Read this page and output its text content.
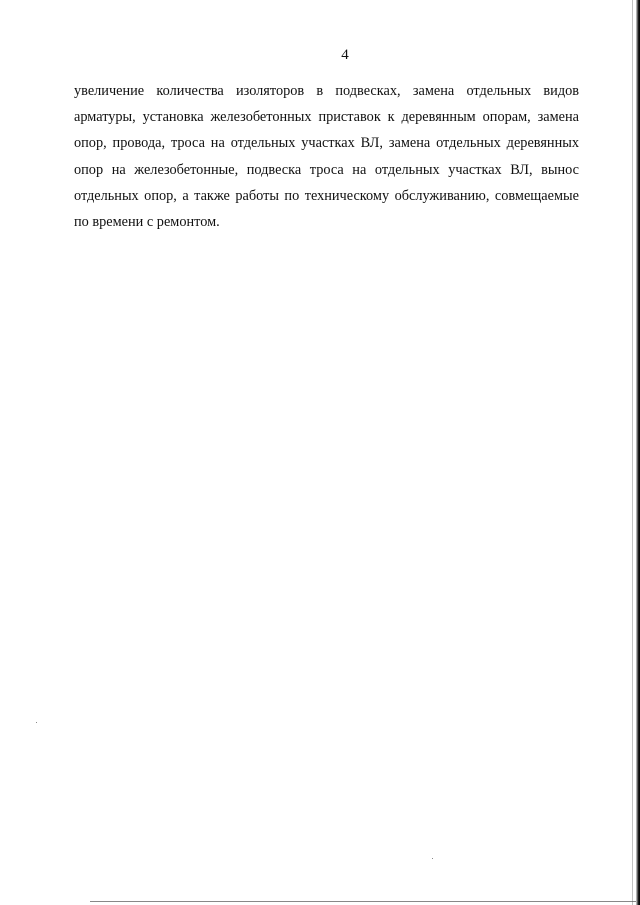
4
увеличение количества изоляторов в подвесках, замена отдельных видов
арматуры, установка железобетонных приставок к деревянным опорам, замена
опор, провода, троса на отдельных участках ВЛ, замена отдельных деревянных
опор на железобетонные, подвеска троса на отдельных участках ВЛ, вынос
отдельных опор, а также работы по техническому обслуживанию, совмещаемые
по времени с ремонтом.
